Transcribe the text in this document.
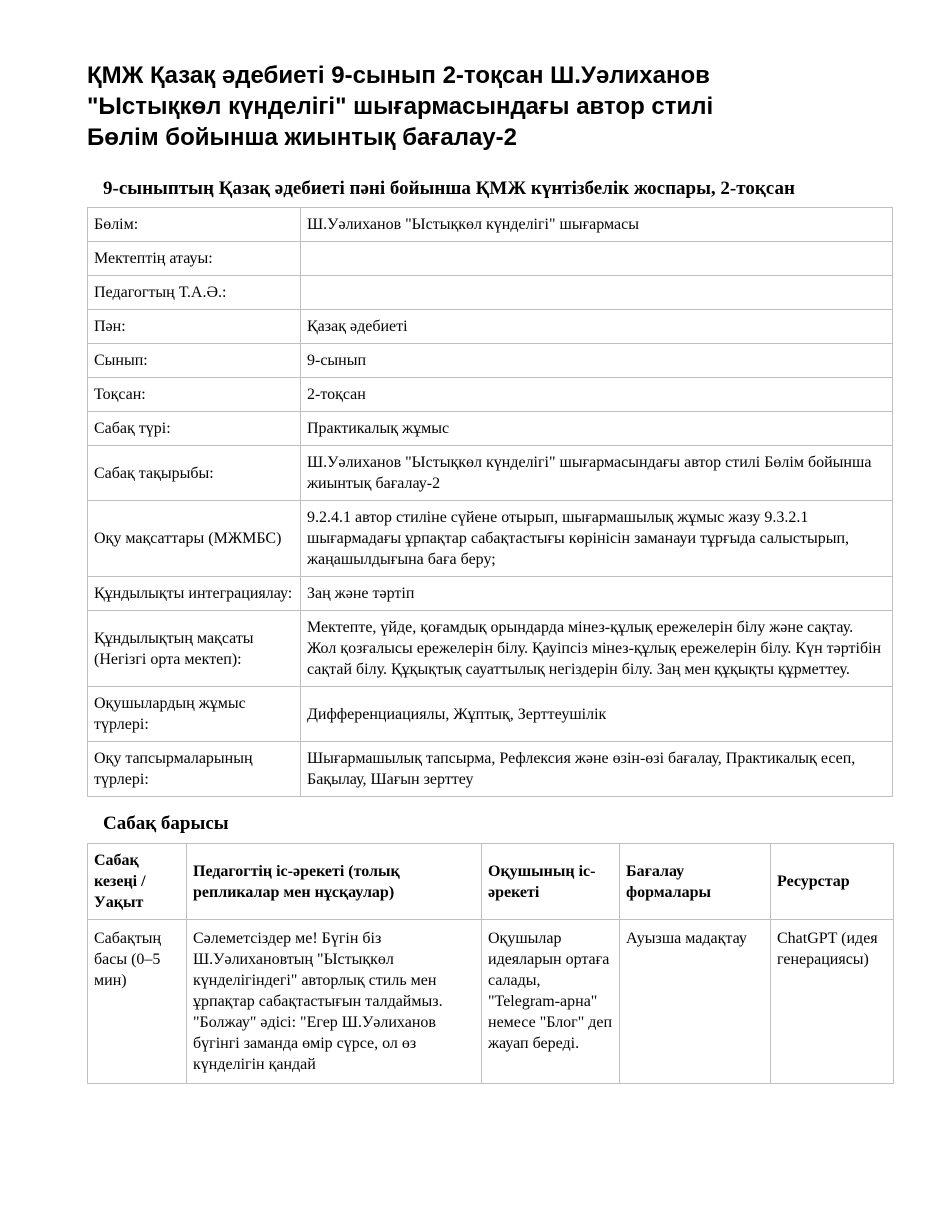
ҚМЖ Қазақ әдебиеті 9-сынып 2-тоқсан Ш.Уәлиханов
"Ыстықкөл күнделігі" шығармасындағы автор стилі
Бөлім бойынша жиынтық бағалау-2
9-сыныптың Қазақ әдебиеті пәні бойынша ҚМЖ күнтізбелік жоспары, 2-тоқсан
Бөлім:	Ш.Уәлиханов "Ыстықкөл күнделігі" шығармасы
Мектептің атауы:	
Педагогтың Т.А.Ә.:	
Пән:	Қазақ әдебиеті
Сынып:	9-сынып
Тоқсан:	2-тоқсан
Сабақ түрі:	Практикалық жұмыс
Сабақ тақырыбы:	Ш.Уәлиханов "Ыстықкөл күнделігі" шығармасындағы автор стилі Бөлім бойынша жиынтық бағалау-2
Оқу мақсаттары (МЖМБС)	9.2.4.1 автор стиліне сүйене отырып, шығармашылық жұмыс жазу 9.3.2.1 шығармадағы ұрпақтар сабақтастығы көрінісін заманауи тұрғыда салыстырып, жаңашылдығына баға беру;
Құндылықты интеграциялау:	Заң және тәртіп
Құндылықтың мақсаты (Негізгі орта мектеп):	Мектепте, үйде, қоғамдық орындарда мінез-құлық ережелерін білу және сақтау. Жол қозғалысы ережелерін білу. Қауіпсіз мінез-құлық ережелерін білу. Күн тәртібін сақтай білу. Құқықтық сауаттылық негіздерін білу. Заң мен құқықты құрметтеу.
Оқушылардың жұмыс түрлері:	Дифференциациялы, Жұптық, Зерттеушілік
Оқу тапсырмаларының түрлері:	Шығармашылық тапсырма, Рефлексия және өзін-өзі бағалау, Практикалық есеп, Бақылау, Шағын зерттеу
Сабақ барысы
Сабақ кезеңі / Уақыт	Педагогтің іс-әрекеті (толық репликалар мен нұсқаулар)	Оқушының іс-әрекеті	Бағалау формалары	Ресурстар
Сабақтың басы (0–5 мин)	Сәлеметсіздер ме! Бүгін біз Ш.Уәлихановтың "Ыстықкөл күнделігіндегі" авторлық стиль мен ұрпақтар сабақтастығын талдаймыз. "Болжау" әдісі: "Егер Ш.Уәлиханов бүгінгі заманда өмір сүрсе, ол өз күнделігін қандай	Оқушылар идеяларын ортаға салады, "Telegram-арна" немесе "Блог" деп жауап береді.	Ауызша мадақтау	ChatGPT (идея генерациясы)
